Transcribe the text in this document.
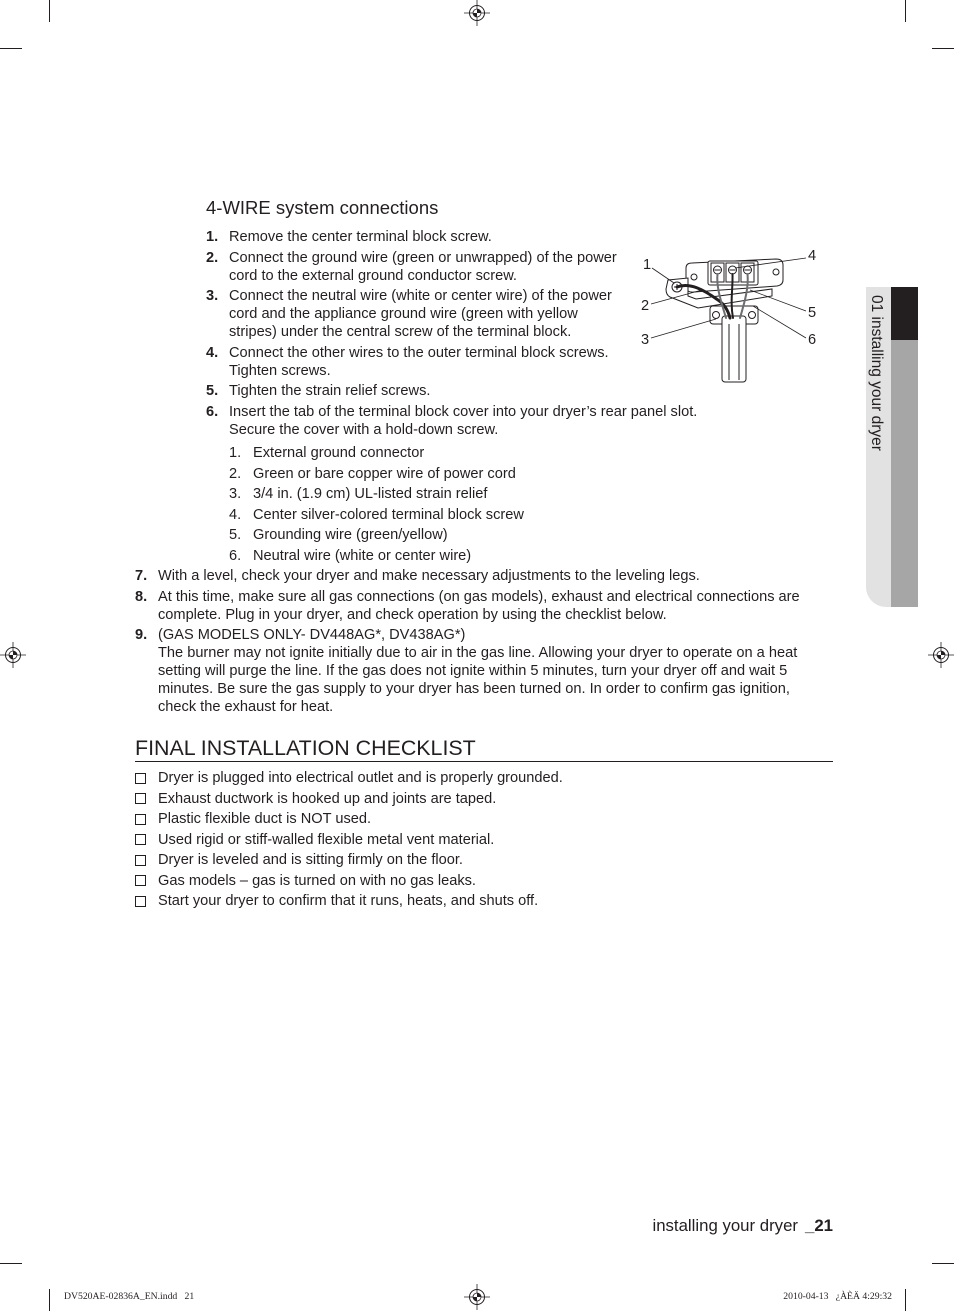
4-WIRE system connections
1. Remove the center terminal block screw.
2. Connect the ground wire (green or unwrapped) of the power
cord to the external ground conductor screw.
3. Connect the neutral wire (white or center wire) of the power
cord and the appliance ground wire (green with yellow
stripes) under the central screw of the terminal block.
4. Connect the other wires to the outer terminal block screws.
Tighten screws.
5. Tighten the strain relief screws.
6. Insert the tab of the terminal block cover into your dryer’s rear panel slot.
Secure the cover with a hold-down screw.
1. External ground connector
2. Green or bare copper wire of power cord
3. 3/4 in. (1.9 cm) UL-listed strain relief
4. Center silver-colored terminal block screw
5. Grounding wire (green/yellow)
6. Neutral wire (white or center wire)
1
2
3
4
5
6
7. With a level, check your dryer and make necessary adjustments to the leveling legs.
8. At this time, make sure all gas connections (on gas models), exhaust and electrical connections are
complete. Plug in your dryer, and check operation by using the checklist below.
9. (GAS MODELS ONLY- DV448AG*, DV438AG*)
The burner may not ignite initially due to air in the gas line. Allowing your dryer to operate on a heat
setting will purge the line. If the gas does not ignite within 5 minutes, turn your dryer off and wait 5
minutes. Be sure the gas supply to your dryer has been turned on. In order to confirm gas ignition,
check the exhaust for heat.
FINAL INSTALLATION CHECKLIST
Dryer is plugged into electrical outlet and is properly grounded.
Exhaust ductwork is hooked up and joints are taped.
Plastic flexible duct is NOT used.
Used rigid or stiff-walled flexible metal vent material.
Dryer is leveled and is sitting firmly on the floor.
Gas models – gas is turned on with no gas leaks.
Start your dryer to confirm that it runs, heats, and shuts off.
01 installing your dryer
installing your dryer _21
DV520AE-02836A_EN.indd   21	2010-04-13   ¿ÀÈÄ 4:29:32
